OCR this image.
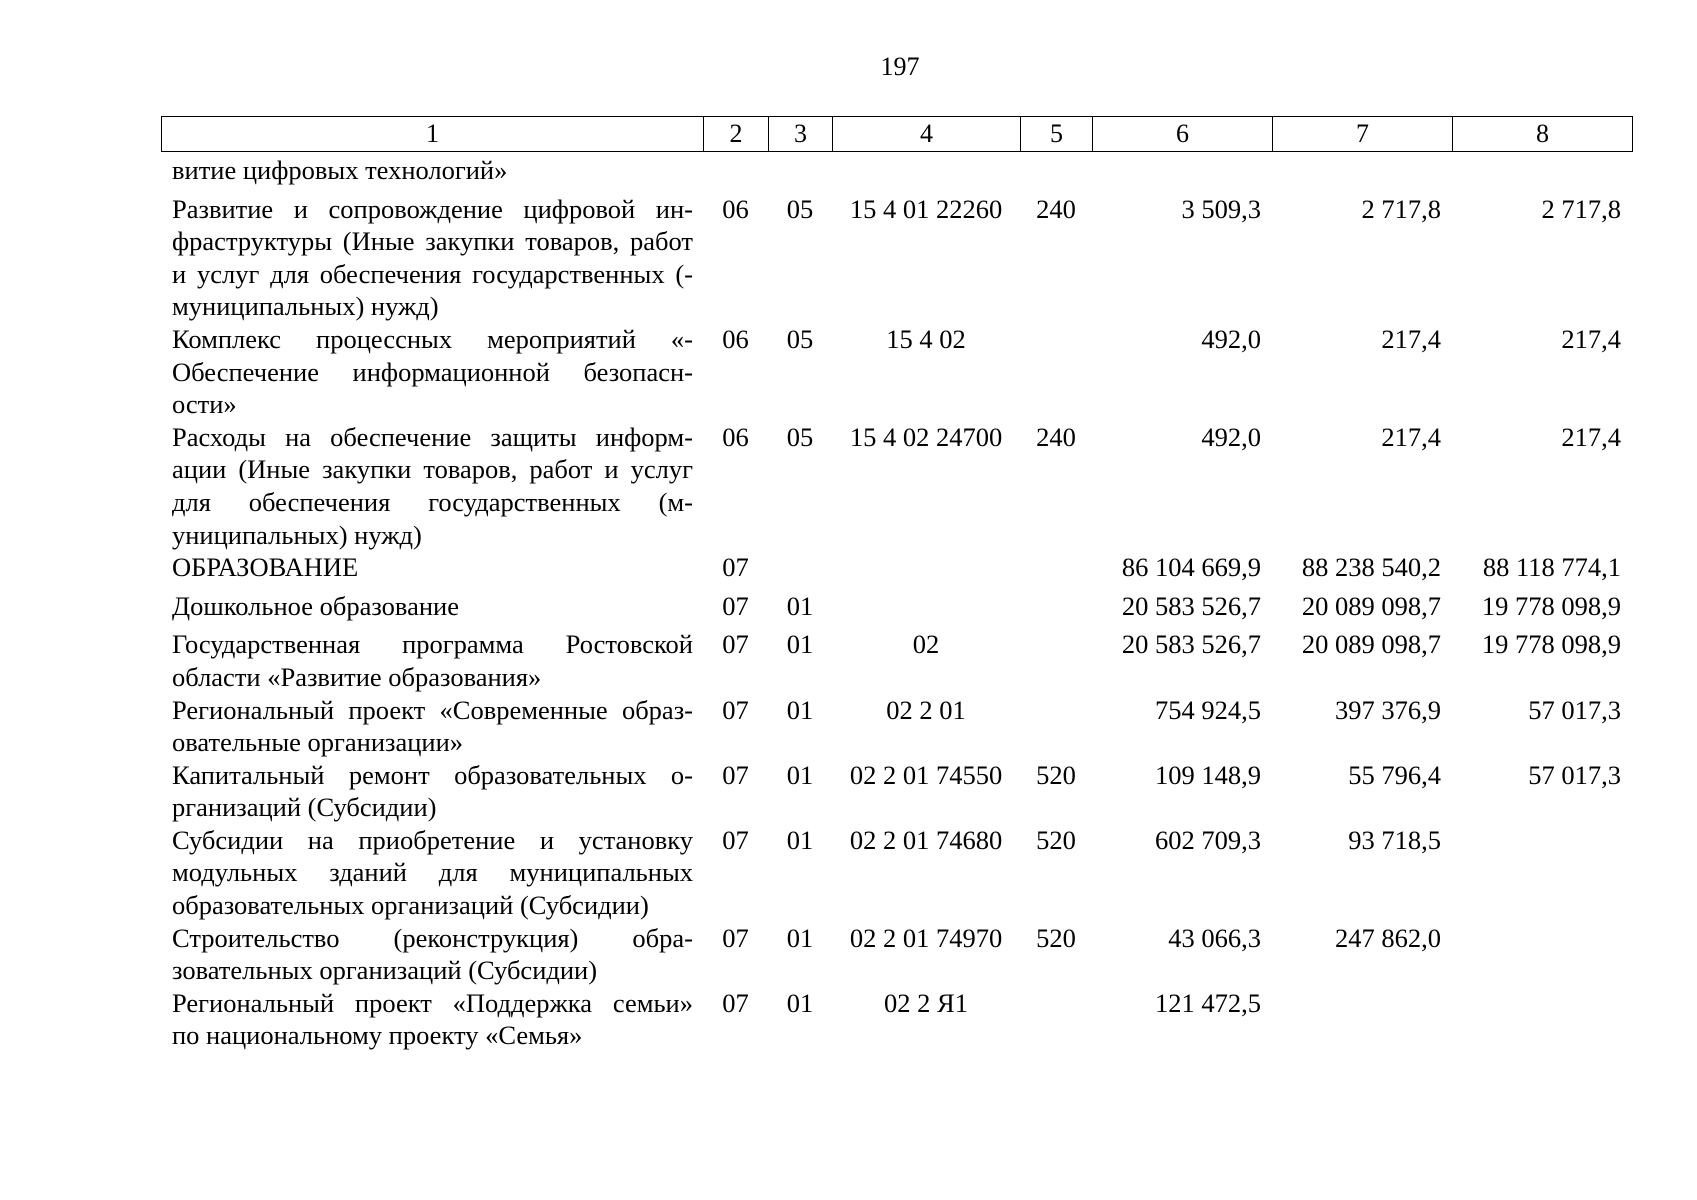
197
1	2	3	4	5	6	7	8
витие цифровых технологий»							

Развитие и сопровождение цифровой ин-
фраструктуры (Иные закупки товаров, работ
и услуг для обеспечения государственных (-
муниципальных) нужд)	06	05	15 4 01 22260	240	3 509,3	2 717,8	2 717,8

Комплекс процессных мероприятий «-
Обеспечение информационной безопасн-
ости»	06	05	15 4 02		492,0	217,4	217,4

Расходы на обеспечение защиты информ-
ации (Иные закупки товаров, работ и услуг
для обеспечения государственных (м-
униципальных) нужд)	06	05	15 4 02 24700	240	492,0	217,4	217,4
ОБРАЗОВАНИЕ	07				86 104 669,9	88 238 540,2	88 118 774,1
Дошкольное образование	07	01			20 583 526,7	20 089 098,7	19 778 098,9

Государственная программа Ростовской
области «Развитие образования»	07	01	02		20 583 526,7	20 089 098,7	19 778 098,9

Региональный проект «Современные образ-
овательные организации»	07	01	02 2 01		754 924,5	397 376,9	57 017,3

Капитальный ремонт образовательных о-
рганизаций (Субсидии)	07	01	02 2 01 74550	520	109 148,9	55 796,4	57 017,3

Субсидии на приобретение и установку
модульных зданий для муниципальных
образовательных организаций (Субсидии)	07	01	02 2 01 74680	520	602 709,3	93 718,5	

Строительство (реконструкция) обра-
зовательных организаций (Субсидии)	07	01	02 2 01 74970	520	43 066,3	247 862,0	

Региональный проект «Поддержка семьи»
по национальному проекту «Семья»	07	01	02 2 Я1		121 472,5		
